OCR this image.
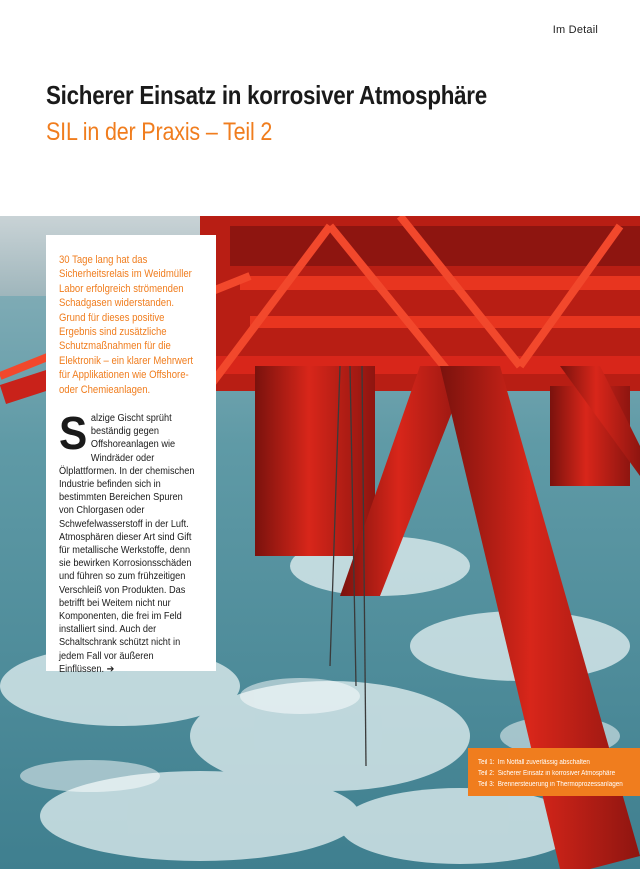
Im Detail
Sicherer Einsatz in korrosiver Atmosphäre
SIL in der Praxis – Teil 2

30 Tage lang hat das Sicherheitsrelais im Weidmüller Labor erfolgreich strömenden Schadgasen widerstanden. Grund für dieses positive Ergebnis sind zusätzliche Schutzmaßnahmen für die Elektronik – ein klarer Mehrwert für Applikationen wie Offshore- oder Chemieanlagen.

S alzige Gischt sprüht beständig gegen Offshoreanlagen wie Windräder oder Ölplattformen. In der chemischen Industrie befinden sich in bestimmten Bereichen Spuren von Chlorgasen oder Schwefelwasserstoff in der Luft. Atmosphären dieser Art sind Gift für metallische Werkstoffe, denn sie bewirken Korrosionsschäden und führen so zum frühzeitigen Verschleiß von Produkten. Das betrifft bei Weitem nicht nur Komponenten, die frei im Feld installiert sind. Auch der Schaltschrank schützt nicht in jedem Fall vor äußeren Einflüssen. ➔

Teil 1: Im Notfall zuverlässig abschalten
Teil 2: Sicherer Einsatz in korrosiver Atmosphäre
Teil 3: Brennersteuerung in Thermoprozessanlagen
